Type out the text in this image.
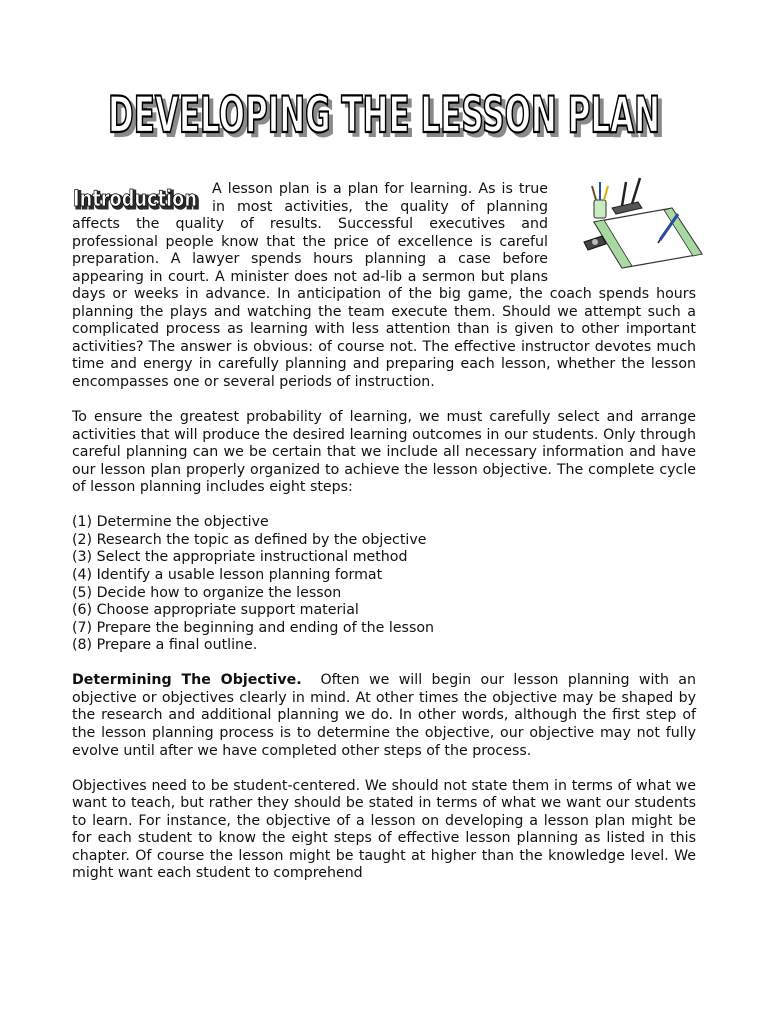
DEVELOPING THE LESSON PLAN
DEVELOPING THE LESSON PLAN
Introduction
Introduction	A lesson plan is a plan for learning. As is true in most activities, the quality of planning affects the quality of results. Successful executives and professional people know that the price of excellence is careful preparation. A lawyer spends hours planning a case before appearing in court. A minister does not ad-lib a sermon but plans days or weeks in advance. In anticipation of the big game, the coach spends hours planning the plays and watching the team execute them. Should we attempt such a complicated process as learning with less attention than is given to other important activities? The answer is obvious: of course not. The effective instructor devotes much time and energy in carefully planning and preparing each lesson, whether the lesson encompasses one or several periods of instruction.

To ensure the greatest probability of learning, we must carefully select and arrange activities that will produce the desired learning outcomes in our students. Only through careful planning can we be certain that we include all necessary information and have our lesson plan properly organized to achieve the lesson objective. The complete cycle of lesson planning includes eight steps:

(1) Determine the objective
(2) Research the topic as defined by the objective
(3) Select the appropriate instructional method
(4) Identify a usable lesson planning format
(5) Decide how to organize the lesson
(6) Choose appropriate support material
(7) Prepare the beginning and ending of the lesson
(8) Prepare a final outline.

Determining The Objective. Often we will begin our lesson planning with an objective or objectives clearly in mind. At other times the objective may be shaped by the research and additional planning we do. In other words, although the first step of the lesson planning process is to determine the objective, our objective may not fully evolve until after we have completed other steps of the process.

Objectives need to be student-centered. We should not state them in terms of what we want to teach, but rather they should be stated in terms of what we want our students to learn. For instance, the objective of a lesson on developing a lesson plan might be for each student to know the eight steps of effective lesson planning as listed in this chapter. Of course the lesson might be taught at higher than the knowledge level. We might want each student to comprehend
